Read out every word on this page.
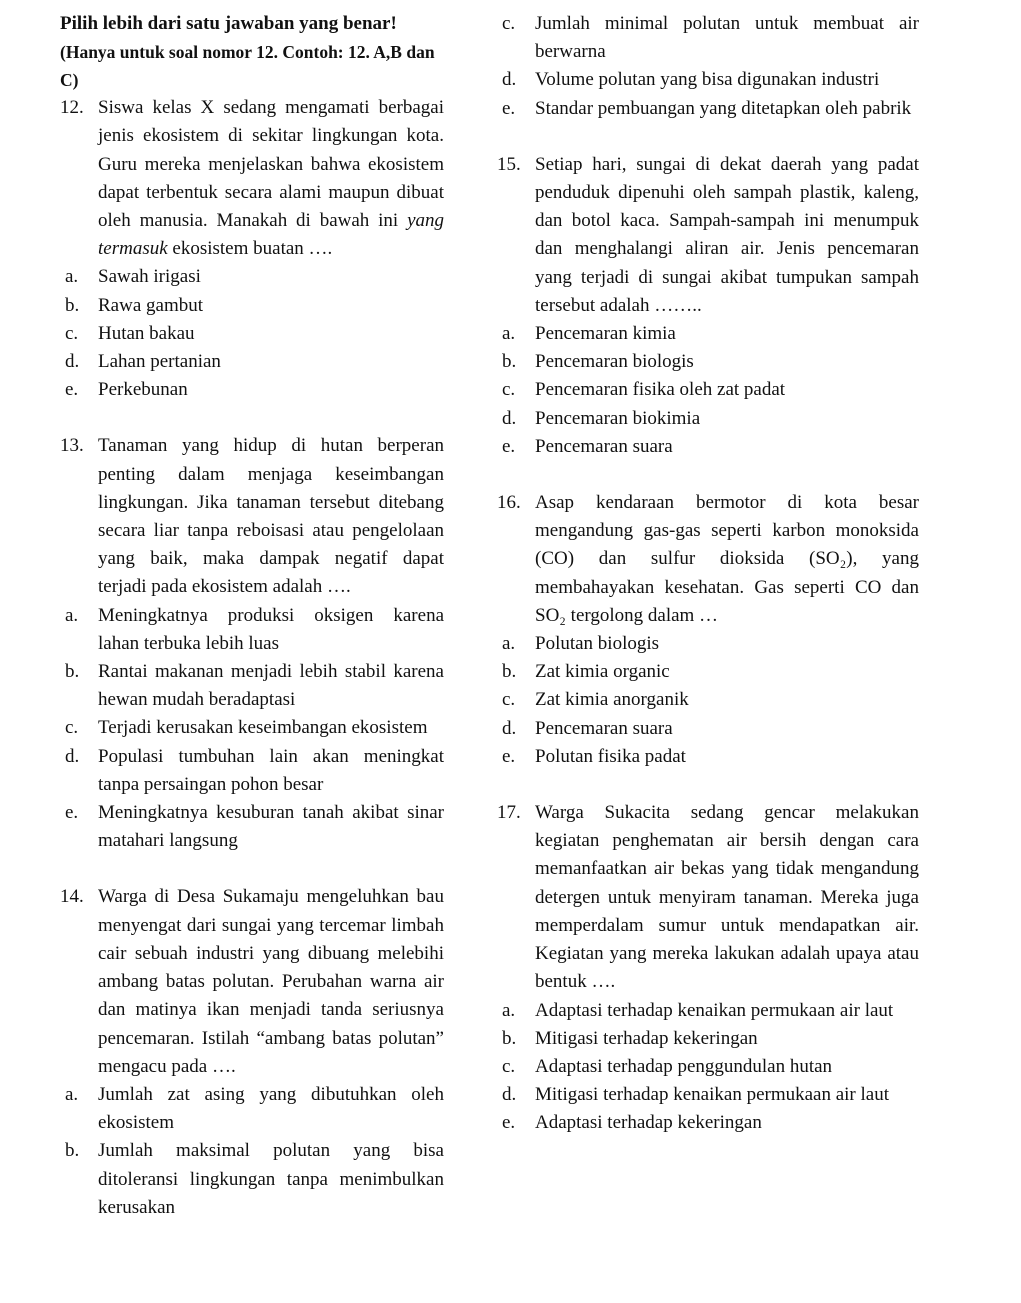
Pilih lebih dari satu jawaban yang benar!
(Hanya untuk soal nomor 12. Contoh: 12. A,B dan C)
12. Siswa kelas X sedang mengamati berbagai jenis ekosistem di sekitar lingkungan kota. Guru mereka menjelaskan bahwa ekosistem dapat terbentuk secara alami maupun dibuat oleh manusia. Manakah di bawah ini yang termasuk ekosistem buatan ….
a.	Sawah irigasi
b. Rawa gambut
c.	Hutan bakau
d. Lahan pertanian
e.	Perkebunan
13. Tanaman yang hidup di hutan berperan penting dalam menjaga keseimbangan lingkungan. Jika tanaman tersebut ditebang secara liar tanpa reboisasi atau pengelolaan yang baik, maka dampak negatif dapat terjadi pada ekosistem adalah ….
a.	Meningkatnya produksi oksigen karena lahan terbuka lebih luas
b. Rantai makanan menjadi lebih stabil karena hewan mudah beradaptasi
c.	Terjadi kerusakan keseimbangan ekosistem
d. Populasi tumbuhan lain akan meningkat tanpa persaingan pohon besar
e.	Meningkatnya kesuburan tanah akibat sinar matahari langsung
14. Warga di Desa Sukamaju mengeluhkan bau menyengat dari sungai yang tercemar limbah cair sebuah industri yang dibuang melebihi ambang batas polutan. Perubahan warna air dan matinya ikan menjadi tanda seriusnya pencemaran. Istilah “ambang batas polutan” mengacu pada ….
a.	Jumlah zat asing yang dibutuhkan oleh ekosistem
b. Jumlah maksimal polutan yang bisa ditoleransi lingkungan tanpa menimbulkan kerusakan
c.	Jumlah minimal polutan untuk membuat air berwarna
d. Volume polutan yang bisa digunakan industri
e.	Standar pembuangan yang ditetapkan oleh pabrik
15. Setiap hari, sungai di dekat daerah yang padat penduduk dipenuhi oleh sampah plastik, kaleng, dan botol kaca. Sampah-sampah ini menumpuk dan menghalangi aliran air. Jenis pencemaran yang terjadi di sungai akibat tumpukan sampah tersebut adalah ……..
a.	Pencemaran kimia
b. Pencemaran biologis
c.	Pencemaran fisika oleh zat padat
d. Pencemaran biokimia
e.	Pencemaran suara
16. Asap kendaraan bermotor di kota besar mengandung gas-gas seperti karbon monoksida (CO) dan sulfur dioksida (SO₂), yang membahayakan kesehatan. Gas seperti CO dan SO₂ tergolong dalam …
a.	Polutan biologis
b. Zat kimia organic
c.	Zat kimia anorganik
d. Pencemaran suara
e.	Polutan fisika padat
17. Warga Sukacita sedang gencar melakukan kegiatan penghematan air bersih dengan cara memanfaatkan air bekas yang tidak mengandung detergen untuk menyiram tanaman. Mereka juga memperdalam sumur untuk mendapatkan air. Kegiatan yang mereka lakukan adalah upaya atau bentuk ….
a.	Adaptasi terhadap kenaikan permukaan air laut
b. Mitigasi terhadap kekeringan
c.	Adaptasi terhadap penggundulan hutan
d. Mitigasi terhadap kenaikan permukaan air laut
e.	Adaptasi terhadap kekeringan
